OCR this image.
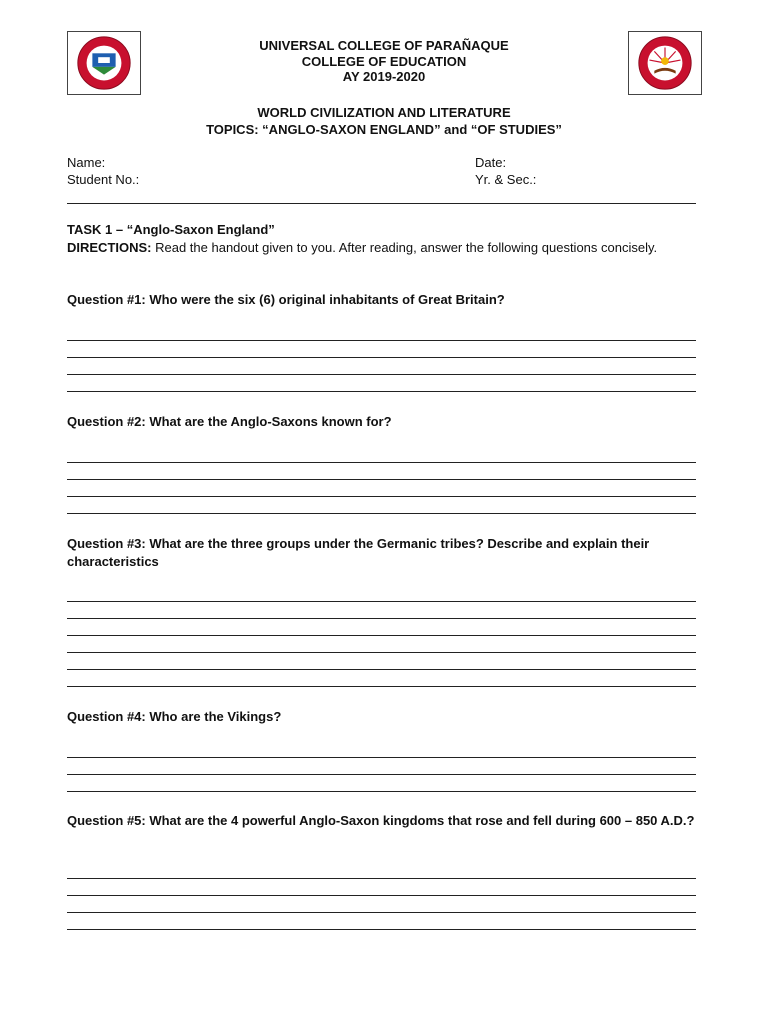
UNIVERSAL COLLEGE OF PARAÑAQUE
COLLEGE OF EDUCATION
AY 2019-2020
WORLD CIVILIZATION AND LITERATURE
TOPICS: “ANGLO-SAXON ENGLAND” and “OF STUDIES”
Name:
Student No.:
Date:
Yr. & Sec.:
TASK 1 – “Anglo-Saxon England”
DIRECTIONS: Read the handout given to you. After reading, answer the following questions concisely.
Question #1: Who were the six (6) original inhabitants of Great Britain?
Question #2: What are the Anglo-Saxons known for?
Question #3: What are the three groups under the Germanic tribes? Describe and explain their characteristics
Question #4: Who are the Vikings?
Question #5: What are the 4 powerful Anglo-Saxon kingdoms that rose and fell during 600 – 850 A.D.?
